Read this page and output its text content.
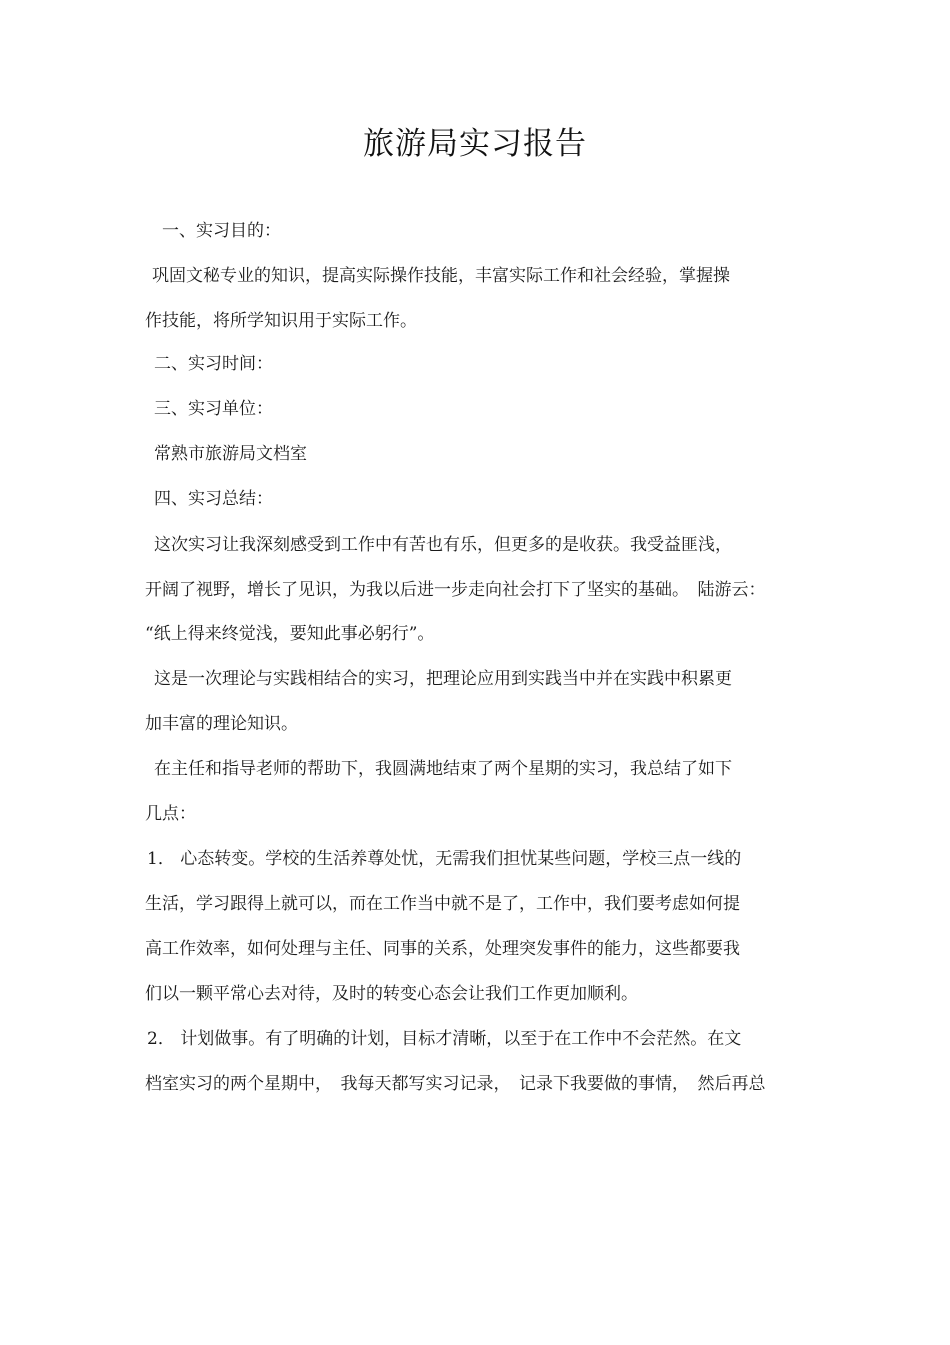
旅游局实习报告
一、实习目的：
巩固文秘专业的知识，提高实际操作技能，丰富实际工作和社会经验，掌握操
作技能，将所学知识用于实际工作。
二、实习时间：
三、实习单位：
常熟市旅游局文档室
四、实习总结：
这次实习让我深刻感受到工作中有苦也有乐，但更多的是收获。我受益匪浅，
开阔了视野，增长了见识，为我以后进一步走向社会打下了坚实的基础。　陆游云：
“纸上得来终觉浅，要知此事必躬行”。
这是一次理论与实践相结合的实习，把理论应用到实践当中并在实践中积累更
加丰富的理论知识。
在主任和指导老师的帮助下，我圆满地结束了两个星期的实习，我总结了如下
几点：
1． 心态转变。学校的生活养尊处忧，无需我们担忧某些问题，学校三点一线的
生活，学习跟得上就可以，而在工作当中就不是了，工作中，我们要考虑如何提
高工作效率，如何处理与主任、同事的关系，处理突发事件的能力，这些都要我
们以一颗平常心去对待，及时的转变心态会让我们工作更加顺利。
2． 计划做事。有了明确的计划，目标才清晰，以至于在工作中不会茫然。在文
档室实习的两个星期中，　我每天都写实习记录，　记录下我要做的事情，　然后再总
